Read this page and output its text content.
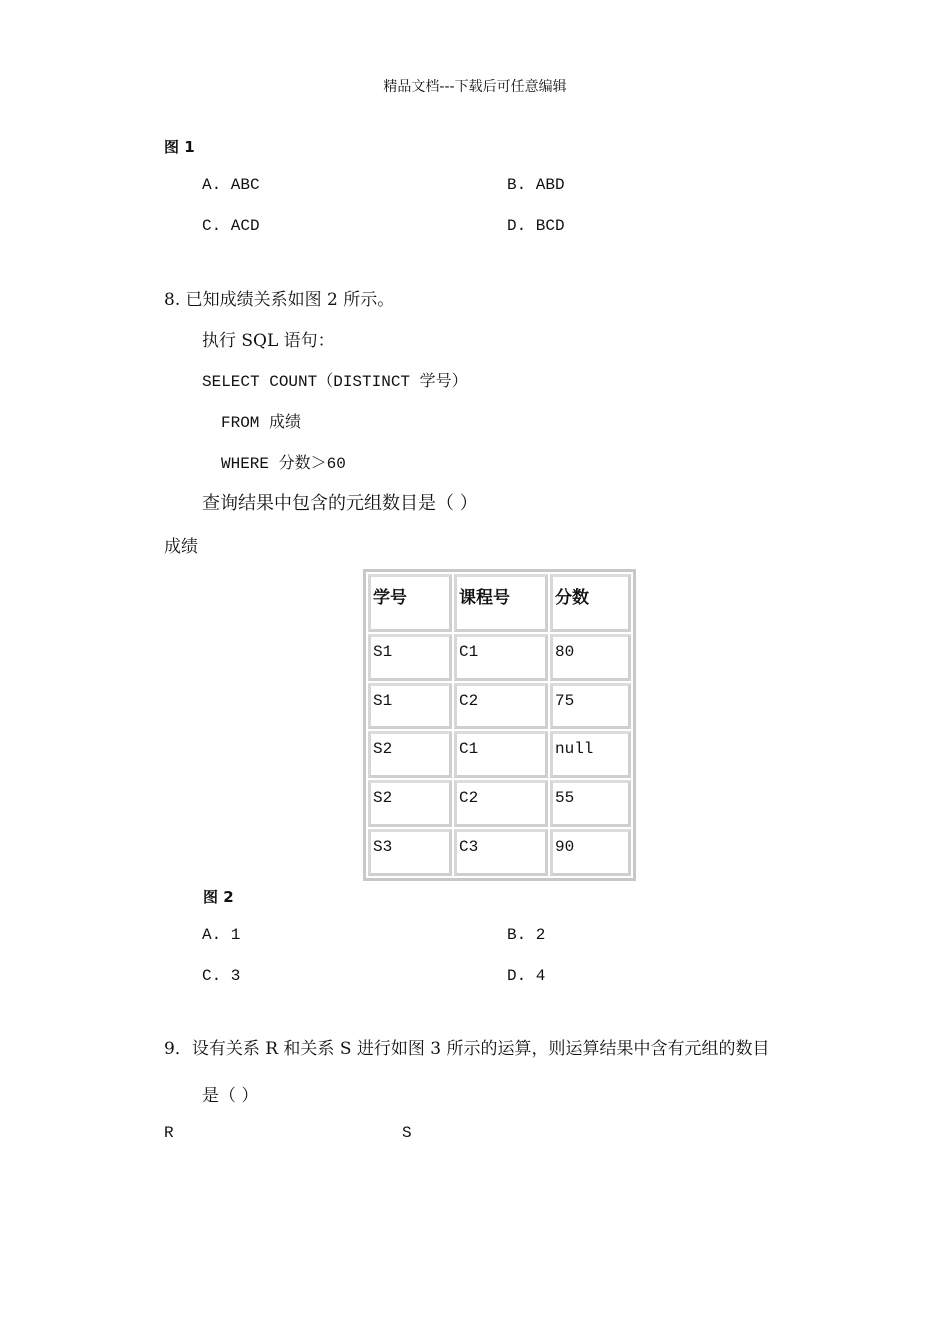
精品文档---下载后可任意编辑
图 1
A. ABC	B. ABD
C. ACD	D. BCD
8. 已知成绩关系如图 2 所示。
执行 SQL 语句：
SELECT COUNT（DISTINCT 学号）
FROM 成绩
WHERE 分数＞60
查询结果中包含的元组数目是（ ）
成绩
学号	课程号	分数
S1	C1	80
S1	C2	75
S2	C1	null
S2	C2	55
S3	C3	90
图 2
A. 1	B. 2
C. 3	D. 4
9．设有关系 R 和关系 S 进行如图 3 所示的运算，则运算结果中含有元组的数目
是（ ）
R	S
